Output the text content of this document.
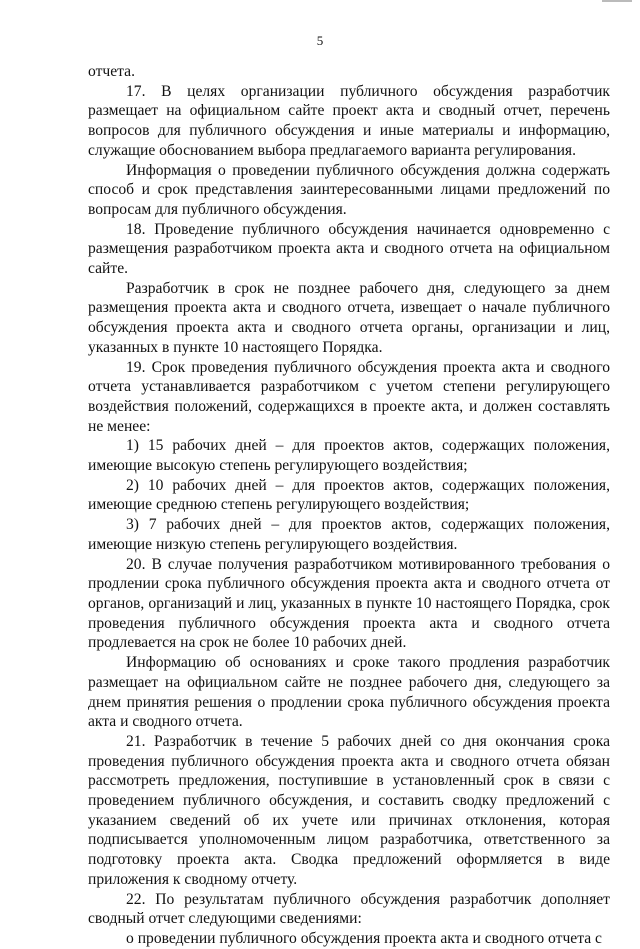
5

отчета.

17. В целях организации публичного обсуждения разработчик размещает на официальном сайте проект акта и сводный отчет, перечень вопросов для публичного обсуждения и иные материалы и информацию, служащие обоснованием выбора предлагаемого варианта регулирования.

Информация о проведении публичного обсуждения должна содержать способ и срок представления заинтересованными лицами предложений по вопросам для публичного обсуждения.

18. Проведение публичного обсуждения начинается одновременно с размещения разработчиком проекта акта и сводного отчета на официальном сайте.

Разработчик в срок не позднее рабочего дня, следующего за днем размещения проекта акта и сводного отчета, извещает о начале публичного обсуждения проекта акта и сводного отчета органы, организации и лиц, указанных в пункте 10 настоящего Порядка.

19. Срок проведения публичного обсуждения проекта акта и сводного отчета устанавливается разработчиком с учетом степени регулирующего воздействия положений, содержащихся в проекте акта, и должен составлять не менее:

1) 15 рабочих дней – для проектов актов, содержащих положения, имеющие высокую степень регулирующего воздействия;

2) 10 рабочих дней – для проектов актов, содержащих положения, имеющие среднюю степень регулирующего воздействия;

3) 7 рабочих дней – для проектов актов, содержащих положения, имеющие низкую степень регулирующего воздействия.

20. В случае получения разработчиком мотивированного требования о продлении срока публичного обсуждения проекта акта и сводного отчета от органов, организаций и лиц, указанных в пункте 10 настоящего Порядка, срок проведения публичного обсуждения проекта акта и сводного отчета продлевается на срок не более 10 рабочих дней.

Информацию об основаниях и сроке такого продления разработчик размещает на официальном сайте не позднее рабочего дня, следующего за днем принятия решения о продлении срока публичного обсуждения проекта акта и сводного отчета.

21. Разработчик в течение 5 рабочих дней со дня окончания срока проведения публичного обсуждения проекта акта и сводного отчета обязан рассмотреть предложения, поступившие в установленный срок в связи с проведением публичного обсуждения, и составить сводку предложений с указанием сведений об их учете или причинах отклонения, которая подписывается уполномоченным лицом разработчика, ответственного за подготовку проекта акта. Сводка предложений оформляется в виде приложения к сводному отчету.

22. По результатам публичного обсуждения разработчик дополняет сводный отчет следующими сведениями:

о проведении публичного обсуждения проекта акта и сводного отчета с
